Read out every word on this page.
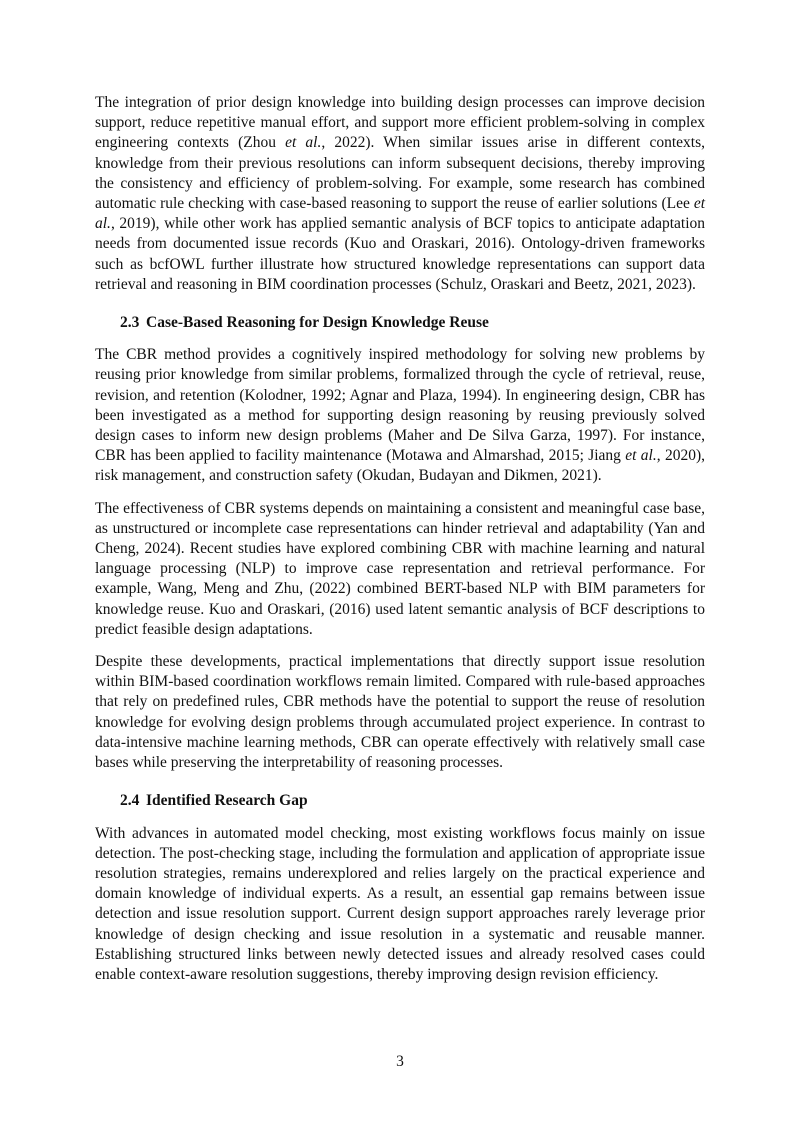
The integration of prior design knowledge into building design processes can improve decision support, reduce repetitive manual effort, and support more efficient problem-solving in complex engineering contexts (Zhou et al., 2022). When similar issues arise in different contexts, knowledge from their previous resolutions can inform subsequent decisions, thereby improving the consistency and efficiency of problem-solving. For example, some research has combined automatic rule checking with case-based reasoning to support the reuse of earlier solutions (Lee et al., 2019), while other work has applied semantic analysis of BCF topics to anticipate adaptation needs from documented issue records (Kuo and Oraskari, 2016). Ontology-driven frameworks such as bcfOWL further illustrate how structured knowledge representations can support data retrieval and reasoning in BIM coordination processes (Schulz, Oraskari and Beetz, 2021, 2023).

2.3 Case-Based Reasoning for Design Knowledge Reuse

The CBR method provides a cognitively inspired methodology for solving new problems by reusing prior knowledge from similar problems, formalized through the cycle of retrieval, reuse, revision, and retention (Kolodner, 1992; Agnar and Plaza, 1994). In engineering design, CBR has been investigated as a method for supporting design reasoning by reusing previously solved design cases to inform new design problems (Maher and De Silva Garza, 1997). For instance, CBR has been applied to facility maintenance (Motawa and Almarshad, 2015; Jiang et al., 2020), risk management, and construction safety (Okudan, Budayan and Dikmen, 2021).

The effectiveness of CBR systems depends on maintaining a consistent and meaningful case base, as unstructured or incomplete case representations can hinder retrieval and adaptability (Yan and Cheng, 2024). Recent studies have explored combining CBR with machine learning and natural language processing (NLP) to improve case representation and retrieval performance. For example, Wang, Meng and Zhu, (2022) combined BERT-based NLP with BIM parameters for knowledge reuse. Kuo and Oraskari, (2016) used latent semantic analysis of BCF descriptions to predict feasible design adaptations.

Despite these developments, practical implementations that directly support issue resolution within BIM-based coordination workflows remain limited. Compared with rule-based approaches that rely on predefined rules, CBR methods have the potential to support the reuse of resolution knowledge for evolving design problems through accumulated project experience. In contrast to data-intensive machine learning methods, CBR can operate effectively with relatively small case bases while preserving the interpretability of reasoning processes.

2.4 Identified Research Gap

With advances in automated model checking, most existing workflows focus mainly on issue detection. The post-checking stage, including the formulation and application of appropriate issue resolution strategies, remains underexplored and relies largely on the practical experience and domain knowledge of individual experts. As a result, an essential gap remains between issue detection and issue resolution support. Current design support approaches rarely leverage prior knowledge of design checking and issue resolution in a systematic and reusable manner. Establishing structured links between newly detected issues and already resolved cases could enable context-aware resolution suggestions, thereby improving design revision efficiency.

3
